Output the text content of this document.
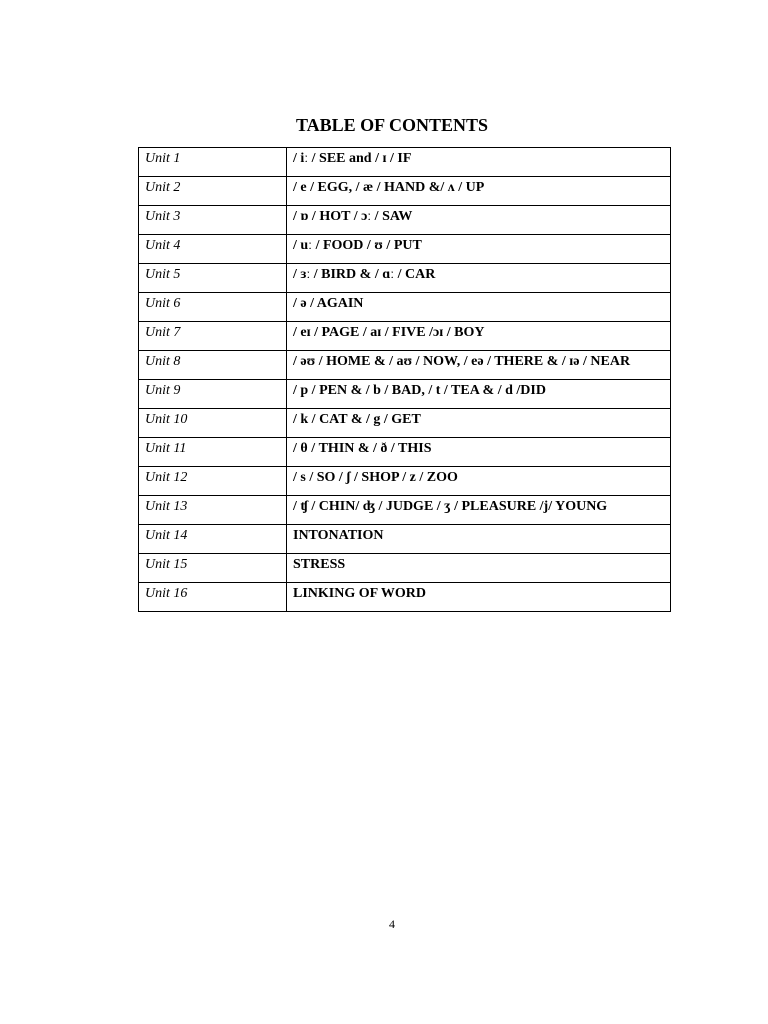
TABLE OF CONTENTS
Unit 1	/ iː / SEE and / ɪ / IF
Unit 2	/ e / EGG, / æ / HAND &/ ʌ / UP
Unit 3	/ ɒ / HOT / ɔː / SAW
Unit 4	/ uː / FOOD / ʊ / PUT
Unit 5	/ ɜː / BIRD & / ɑː / CAR
Unit 6	/ ə / AGAIN
Unit 7	/ eɪ / PAGE / aɪ / FIVE /ɔɪ / BOY
Unit 8	/ əʊ / HOME & / aʊ / NOW, / eə / THERE & / ɪə / NEAR
Unit 9	/ p / PEN & / b / BAD, / t / TEA & / d /DID
Unit 10	/ k / CAT & / g / GET
Unit 11	/ θ / THIN & / ð / THIS
Unit 12	/ s / SO / ʃ / SHOP / z / ZOO
Unit 13	/ ʧ / CHIN/ ʤ / JUDGE / ʒ / PLEASURE /j/ YOUNG
Unit 14	INTONATION
Unit 15	STRESS
Unit 16	LINKING OF WORD
4
